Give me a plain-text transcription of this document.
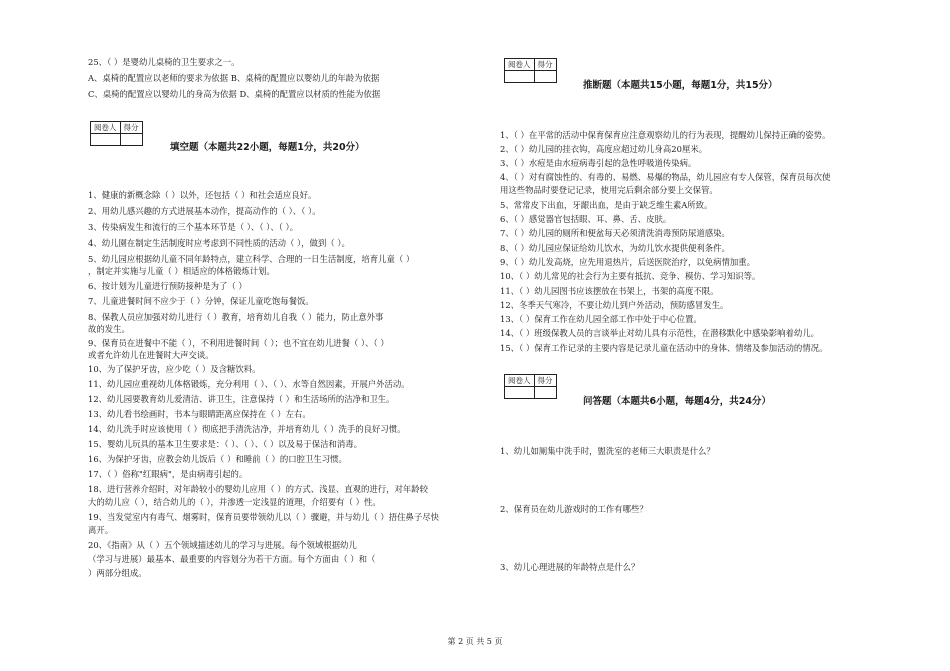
25、（ ）是婴幼儿桌椅的卫生要求之一。
A、桌椅的配置应以老师的要求为依据 B、桌椅的配置应以婴幼儿的年龄为依据
C、桌椅的配置应以婴幼儿的身高为依据 D、桌椅的配置应以材质的性能为依据
阅卷人	得分

填空题（本题共22小题，每题1分，共20分）
1、健康的新概念除（ ）以外，还包括（ ）和社会适应良好。
2、用幼儿感兴趣的方式进展基本动作，提高动作的（ ）、（ ）。
3、传染病发生和流行的三个基本环节是（ ）、（ ）、（ ）。
4、幼儿園在制定生活制度时应考虑到不同性质的活动（ ），做到（ ）。
5、幼儿园应根据幼儿童不同年龄特点，建立科学、合理的一日生活制度，培育儿童（ ）
，制定并实施与儿童（ ）相适应的体格锻炼计划。
6、按计划为儿童进行预防接种是为了（ ）
7、儿童进餐时间不应少于（ ）分钟，保证儿童吃饱每餐饭。
8、保教人员应加强对幼儿进行（ ）教育，培育幼儿自我（ ）能力，防止意外事
故的发生。
9、保育员在进餐中不能（ ），不利用进餐时间（ ）；也不宜在幼儿进餐（ ）、（ ）
或者允许幼儿在进餐时大声交谈。
10、为了保护牙齿，应少吃（ ）及含糖饮料。
11、幼儿园应重视幼儿体格锻炼，充分利用（ ）、（ ）、水等自然因素，开展户外活动。
12、幼儿园要教育幼儿爱清洁、讲卫生，注意保持（ ）和生活场所的洁净和卫生。
13、幼儿看书绘画时，书本与眼睛距离应保持在（ ）左右。
14、幼儿洗手时应该使用（ ）彻底把手清洗洁净，并培育幼儿（ ）洗手的良好习惯。
15、婴幼儿玩具的基本卫生要求是：（ ）、（ ）、（ ）以及易于保洁和消毒。
16、为保护牙齿，应教会幼儿饭后（ ）和睡前（ ）的口腔卫生习惯。
17、（ ）俗称"红眼病"，是由病毒引起的。
18、进行营养介绍时，对年龄较小的婴幼儿应用（ ）的方式、浅显、直观的进行，对年龄较
大的幼儿应（ ），结合幼儿的（ ），并渗透一定浅显的道理，介绍要有（ ）性。
19、当发觉室内有毒气、烟雾时，保育员要带领幼儿以（ ）骤避，并与幼儿（ ）捂住鼻子尽快
离开。
20、《指南》从（ ）五个领域描述幼儿的学习与进展。每个领域根据幼儿
（学习与进展）最基本、最重要的内容划分为若干方面。每个方面由（ ）和（
）两部分组成。
阅卷人	得分

推断题（本题共15小题，每题1分，共15分）
1、（ ）在平常的活动中保育保育应注意观察幼儿的行为表现，提醒幼儿保持正确的姿势。
2、（ ）幼儿园的挂衣钩，高度应超过幼儿身高20厘米。
3、（ ）水痘是由水痘病毒引起的急性呼吸道传染病。
4、（ ）对有腐蚀性的、有毒的、易燃、易爆的物品，幼儿园应有专人保管，保育员每次使
用这些物品时要登记记录，使用完后剩余部分要上交保管。
5、常常皮下出血，牙龈出血，是由于缺乏维生素A所致。
6、（ ）感觉器官包括眼、耳、鼻、舌、皮肤。
7、（ ）幼儿园的厕所和便盆每天必须清洗消毒预防尿道感染。
8、（ ）幼儿园应保证给幼儿饮水，为幼儿饮水提供便利条件。
9、（ ）幼儿发高烧，应先用退热片，后送医院治疗，以免病情加重。
10、（ ）幼儿常见的社会行为主要有抵抗、竞争、模仿、学习知识等。
11、（ ）幼儿园图书应该摆放在书架上，书架的高度不限。
12、冬季天气寒冷，不要让幼儿到户外活动，预防感冒发生。
13、（ ）保育工作在幼儿园全部工作中处于中心位置。
14、（ ）班级保教人员的言谈举止对幼儿具有示范性，在潜移默化中感染影响着幼儿。
15、（ ）保育工作记录的主要内容是记录儿童在活动中的身体、情绪及参加活动的情况。
阅卷人	得分

问答题（本题共6小题，每题4分，共24分）
1、幼儿如厕集中洗手时，盥洗室的老师三大职责是什么？
2、保育员在幼儿游戏时的工作有哪些？
3、幼儿心理进展的年龄特点是什么？
第 2 页 共 5 页
